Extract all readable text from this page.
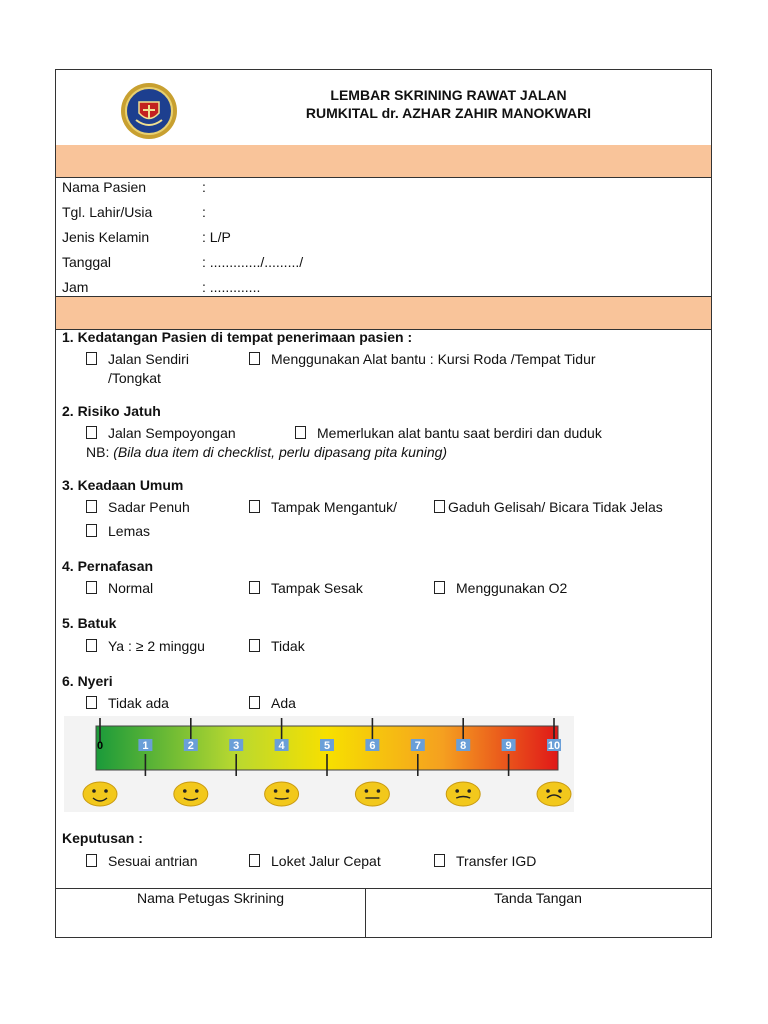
LEMBAR SKRINING RAWAT JALAN
RUMKITAL dr. AZHAR ZAHIR MANOKWARI
Nama Pasien	:
Tgl. Lahir/Usia	:
Jenis Kelamin	: L/P
Tanggal	: ............./........./
Jam	: .............
1. Kedatangan Pasien di tempat penerimaan pasien :
Jalan Sendiri	Menggunakan Alat bantu : Kursi Roda /Tempat Tidur
/Tongkat
2. Risiko Jatuh
Jalan Sempoyongan	Memerlukan alat bantu saat berdiri dan duduk
NB: (Bila dua item di checklist, perlu dipasang pita kuning)
3. Keadaan Umum
Sadar Penuh	Tampak Mengantuk/	Gaduh Gelisah/ Bicara Tidak Jelas
Lemas
4. Pernafasan
Normal	Tampak Sesak	Menggunakan O2
5. Batuk
Ya : ≥ 2 minggu	Tidak
6. Nyeri
Tidak ada	Ada
0	1	2	3	4	5	6	7	8	9	10
Keputusan :
Sesuai antrian	Loket Jalur Cepat	Transfer IGD
Nama Petugas Skrining	Tanda Tangan
